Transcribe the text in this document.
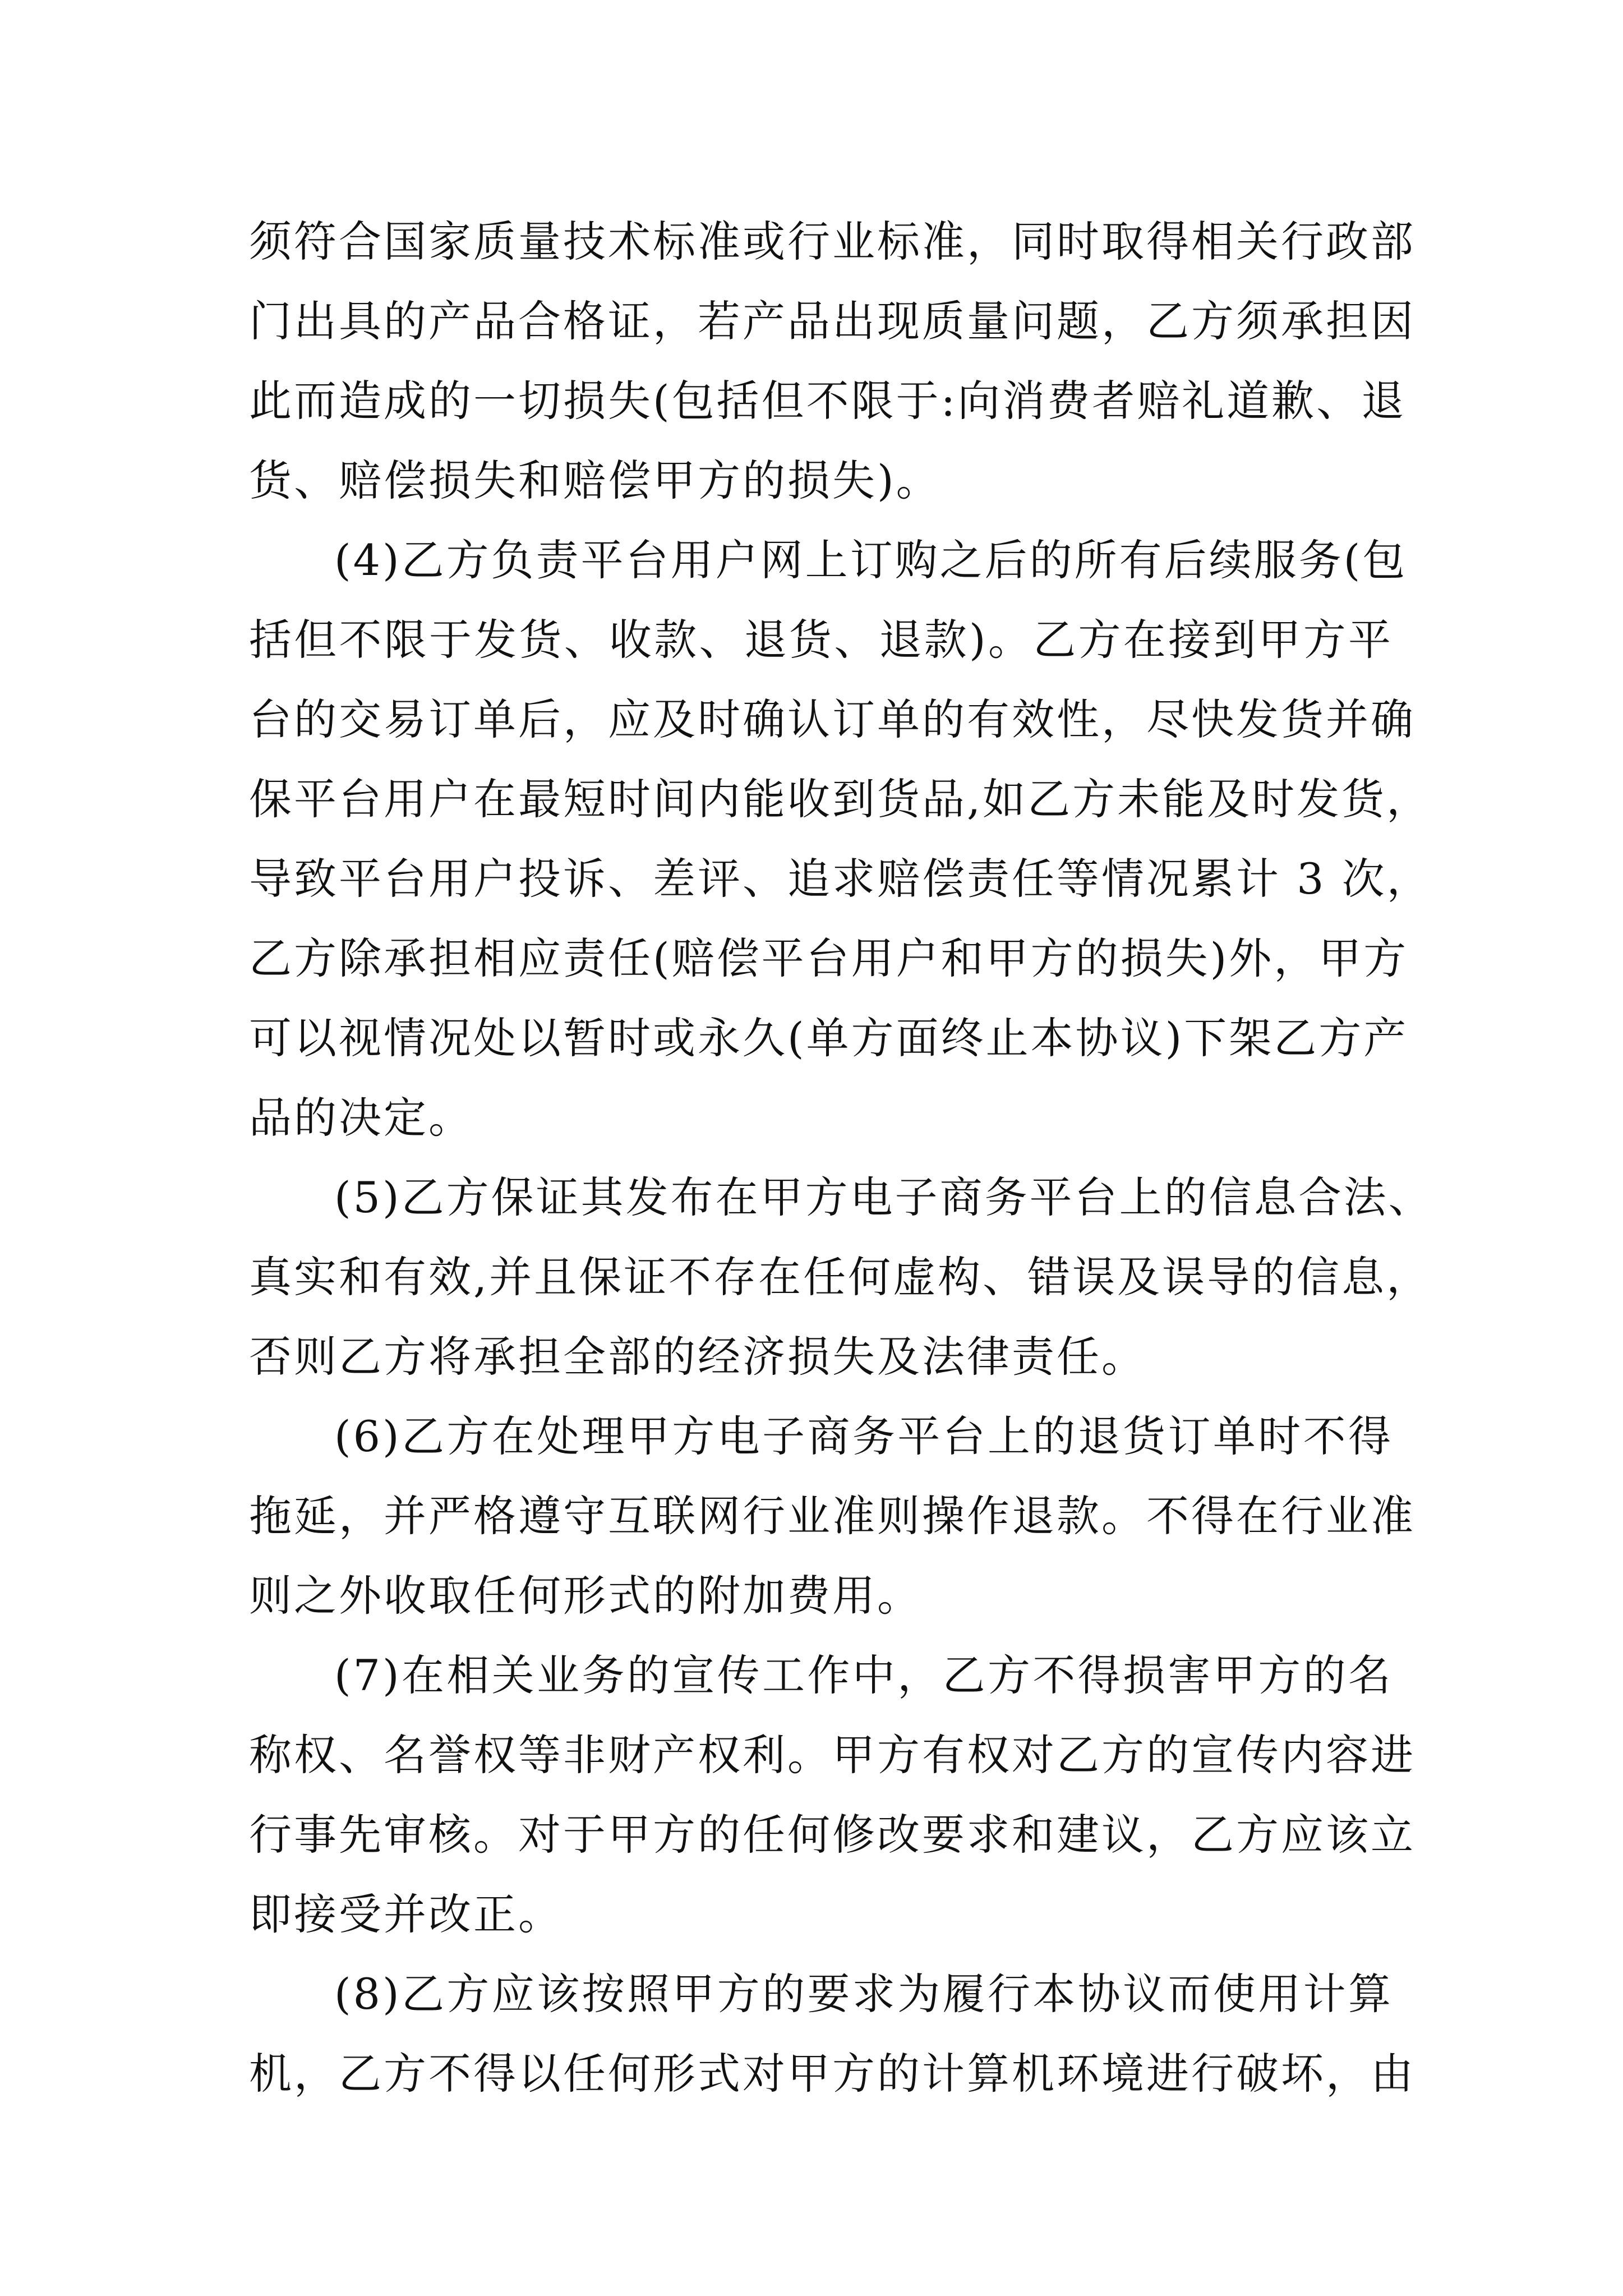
须符合国家质量技术标准或行业标准，同时取得相关行政部
门出具的产品合格证，若产品出现质量问题，乙方须承担因
此而造成的一切损失(包括但不限于:向消费者赔礼道歉、退
货、赔偿损失和赔偿甲方的损失)。
(4)乙方负责平台用户网上订购之后的所有后续服务(包
括但不限于发货、收款、退货、退款)。乙方在接到甲方平
台的交易订单后，应及时确认订单的有效性，尽快发货并确
保平台用户在最短时间内能收到货品,如乙方未能及时发货，
导致平台用户投诉、差评、追求赔偿责任等情况累计 3 次，
乙方除承担相应责任(赔偿平台用户和甲方的损失)外，甲方
可以视情况处以暂时或永久(单方面终止本协议)下架乙方产
品的决定。
(5)乙方保证其发布在甲方电子商务平台上的信息合法、
真实和有效,并且保证不存在任何虚构、错误及误导的信息，
否则乙方将承担全部的经济损失及法律责任。
(6)乙方在处理甲方电子商务平台上的退货订单时不得
拖延，并严格遵守互联网行业准则操作退款。不得在行业准
则之外收取任何形式的附加费用。
(7)在相关业务的宣传工作中，乙方不得损害甲方的名
称权、名誉权等非财产权利。甲方有权对乙方的宣传内容进
行事先审核。对于甲方的任何修改要求和建议，乙方应该立
即接受并改正。
(8)乙方应该按照甲方的要求为履行本协议而使用计算
机，乙方不得以任何形式对甲方的计算机环境进行破坏，由
